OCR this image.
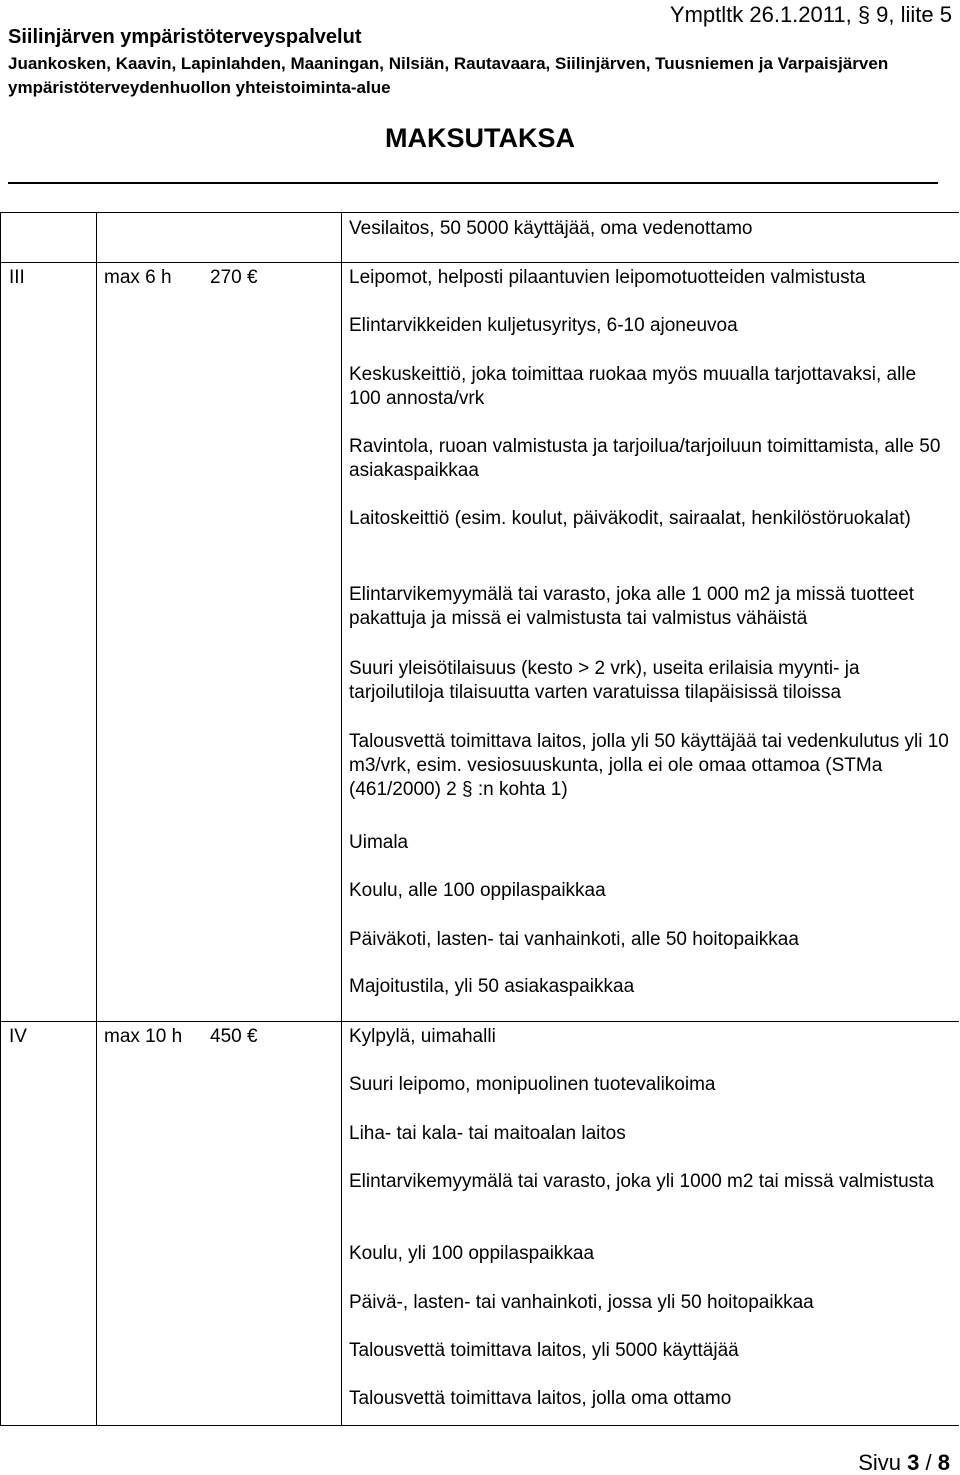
Ymptltk 26.1.2011, § 9, liite 5
Siilinjärven ympäristöterveyspalvelut
Juankosken, Kaavin, Lapinlahden, Maaningan, Nilsiän, Rautavaara, Siilinjärven, Tuusniemen ja Varpaisjärven ympäristöterveydenhuollon yhteistoiminta-alue
MAKSUTAKSA
Vesilaitos, 50 5000 käyttäjää, oma vedenottamo
III	max 6 h 270 €	Leipomot, helposti pilaantuvien leipomotuotteiden valmistusta
Elintarvikkeiden kuljetusyritys, 6-10 ajoneuvoa
Keskuskeittiö, joka toimittaa ruokaa myös muualla tarjottavaksi, alle 100 annosta/vrk
Ravintola, ruoan valmistusta ja tarjoilua/tarjoiluun toimittamista, alle 50 asiakaspaikkaa
Laitoskeittiö (esim. koulut, päiväkodit, sairaalat, henkilöstöruokalat)
Elintarvikemyymälä tai varasto, joka alle 1 000 m2 ja missä tuotteet pakattuja ja missä ei valmistusta tai valmistus vähäistä
Suuri yleisötilaisuus (kesto > 2 vrk), useita erilaisia myynti- ja tarjoilutiloja tilaisuutta varten varatuissa tilapäisissä tiloissa
Talousvettä toimittava laitos, jolla yli 50 käyttäjää tai vedenkulutus yli 10 m3/vrk, esim. vesiosuuskunta, jolla ei ole omaa ottamoa (STMa (461/2000) 2 § :n kohta 1)
Uimala
Koulu, alle 100 oppilaspaikkaa
Päiväkoti, lasten- tai vanhainkoti, alle 50 hoitopaikkaa
Majoitustila, yli 50 asiakaspaikkaa
IV	max 10 h 450 €	Kylpylä, uimahalli
Suuri leipomo, monipuolinen tuotevalikoima
Liha- tai kala- tai maitoalan laitos
Elintarvikemyymälä tai varasto, joka yli 1000 m2 tai missä valmistusta
Koulu, yli 100 oppilaspaikkaa
Päivä-, lasten- tai vanhainkoti, jossa yli 50 hoitopaikkaa
Talousvettä toimittava laitos, yli 5000 käyttäjää
Talousvettä toimittava laitos, jolla oma ottamo
Sivu 3 / 8
